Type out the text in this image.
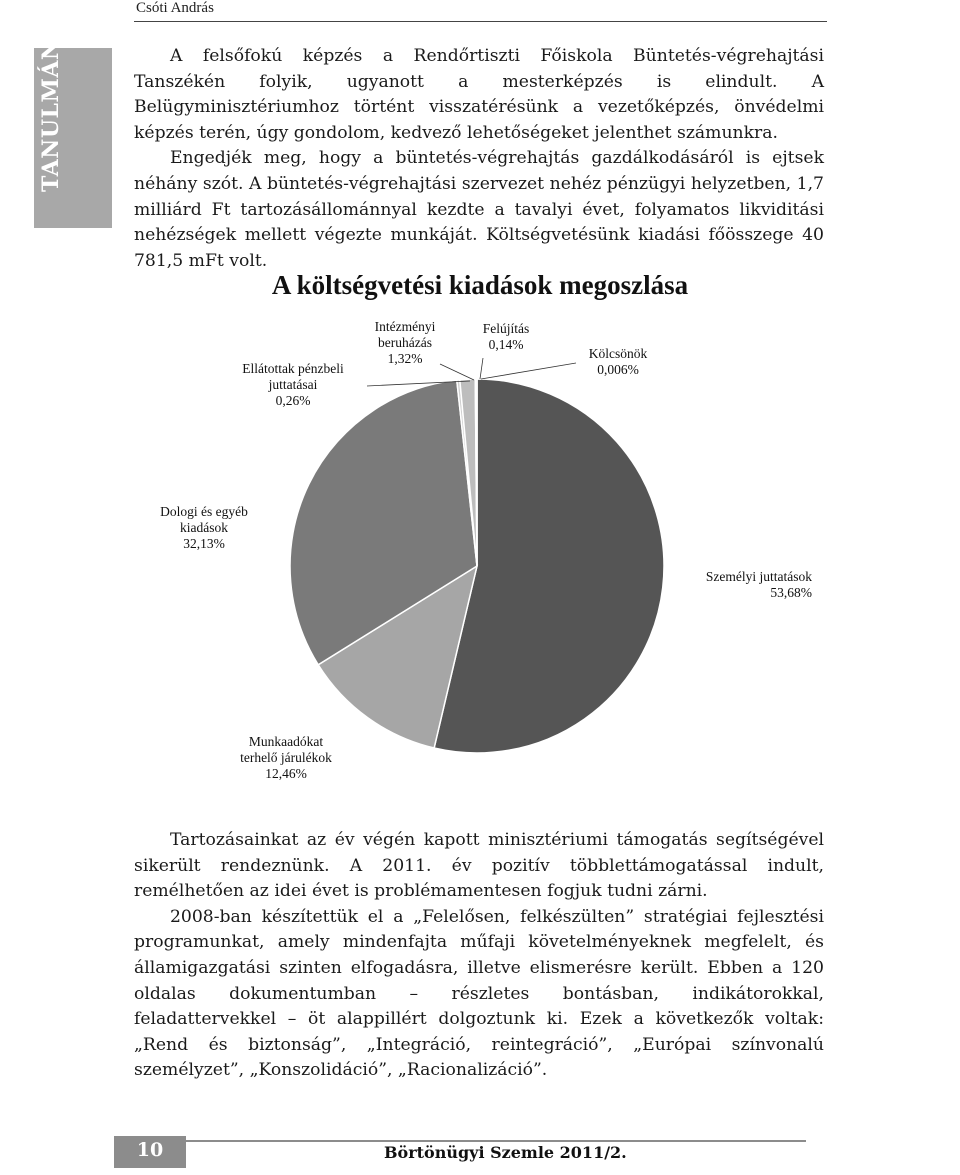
Csóti András
TANULMÁNY	A felsőfokú képzés a Rendőrtiszti Főiskola Büntetés-végrehajtási Tanszékén folyik, ugyanott a mesterképzés is elindult. A Belügyminisztériumhoz történt visszatérésünk a vezetőképzés, önvédelmi képzés terén, úgy gondolom, kedvező lehetőségeket jelenthet számunkra.

Engedjék meg, hogy a büntetés-végrehajtás gazdálkodásáról is ejtsek néhány szót. A büntetés-végrehajtási szervezet nehéz pénzügyi helyzetben, 1,7 milliárd Ft tartozásállománnyal kezdte a tavalyi évet, folyamatos likviditási nehézségek mellett végezte munkáját. Költségvetésünk kiadási főösszege 40 781,5 mFt volt.

A költségvetési kiadások megoszlása
Személyi juttatások 53,68%
Munkaadókat terhelő járulékok 12,46%
Dologi és egyéb kiadások 32,13%
Ellátottak pénzbeli juttatásai 0,26%
Intézményi beruházás 1,32%
Felújítás 0,14%
Kölcsönök 0,006%

Tartozásainkat az év végén kapott minisztériumi támogatás segítségével sikerült rendeznünk. A 2011. év pozitív többlettámogatással indult, remélhetően az idei évet is problémamentesen fogjuk tudni zárni.

2008-ban készítettük el a „Felelősen, felkészülten” stratégiai fejlesztési programunkat, amely mindenfajta műfaji követelményeknek megfelelt, és államigazgatási szinten elfogadásra, illetve elismerésre került. Ebben a 120 oldalas dokumentumban – részletes bontásban, indikátorokkal, feladattervekkel – öt alappillért dolgoztunk ki. Ezek a következők voltak: „Rend és biztonság”, „Integráció, reintegráció”, „Európai színvonalú személyzet”, „Konszolidáció”, „Racionalizáció”.

10	Börtönügyi Szemle 2011/2.
